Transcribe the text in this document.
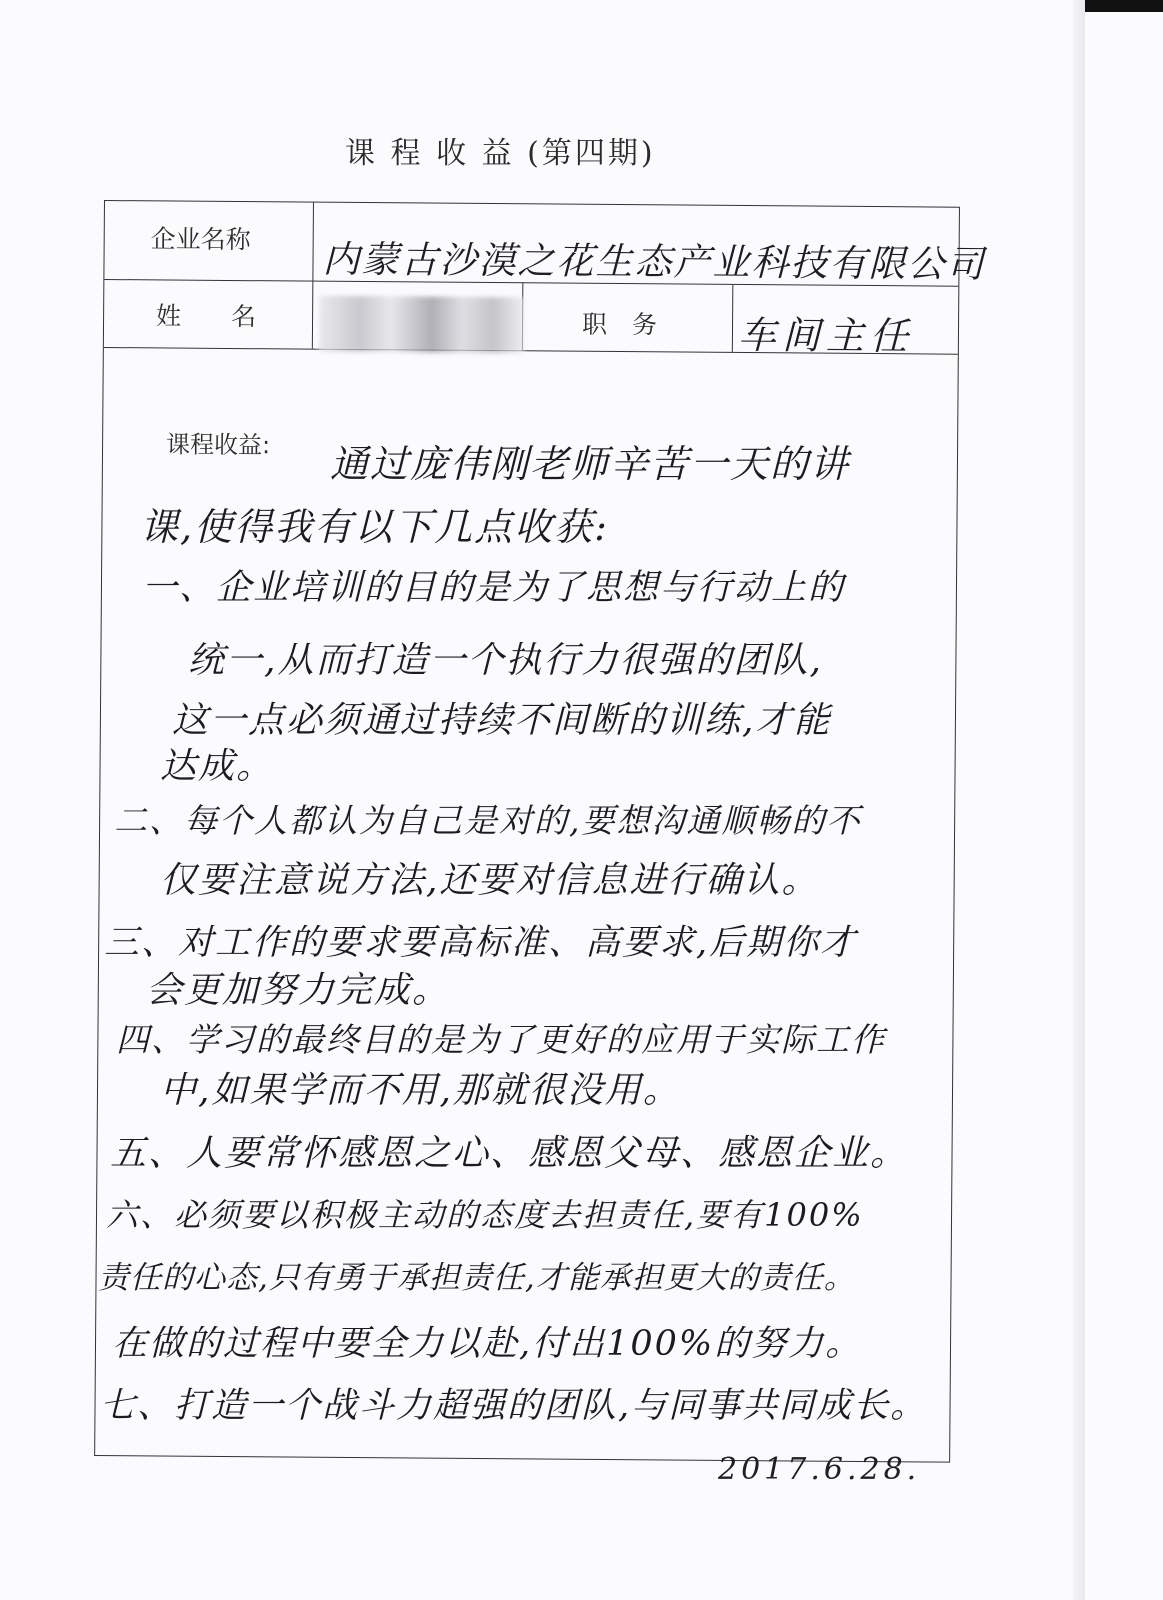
课 程 收 益 (第四期)
企业名称 内蒙古沙漠之花生态产业科技有限公司
姓　　名	职　务 车间主任
课程收益: 通过庞伟刚老师辛苦一天的讲
课,使得我有以下几点收获:
一、企业培训的目的是为了思想与行动上的
统一,从而打造一个执行力很强的团队,
这一点必须通过持续不间断的训练,才能
达成。
二、每个人都认为自己是对的,要想沟通顺畅的不
仅要注意说方法,还要对信息进行确认。
三、对工作的要求要高标准、高要求,后期你才
会更加努力完成。
四、学习的最终目的是为了更好的应用于实际工作
中,如果学而不用,那就很没用。
五、人要常怀感恩之心、感恩父母、感恩企业。
六、必须要以积极主动的态度去担责任,要有100%
责任的心态,只有勇于承担责任,才能承担更大的责任。
在做的过程中要全力以赴,付出100%的努力。
七、打造一个战斗力超强的团队,与同事共同成长。
2017.6.28.
